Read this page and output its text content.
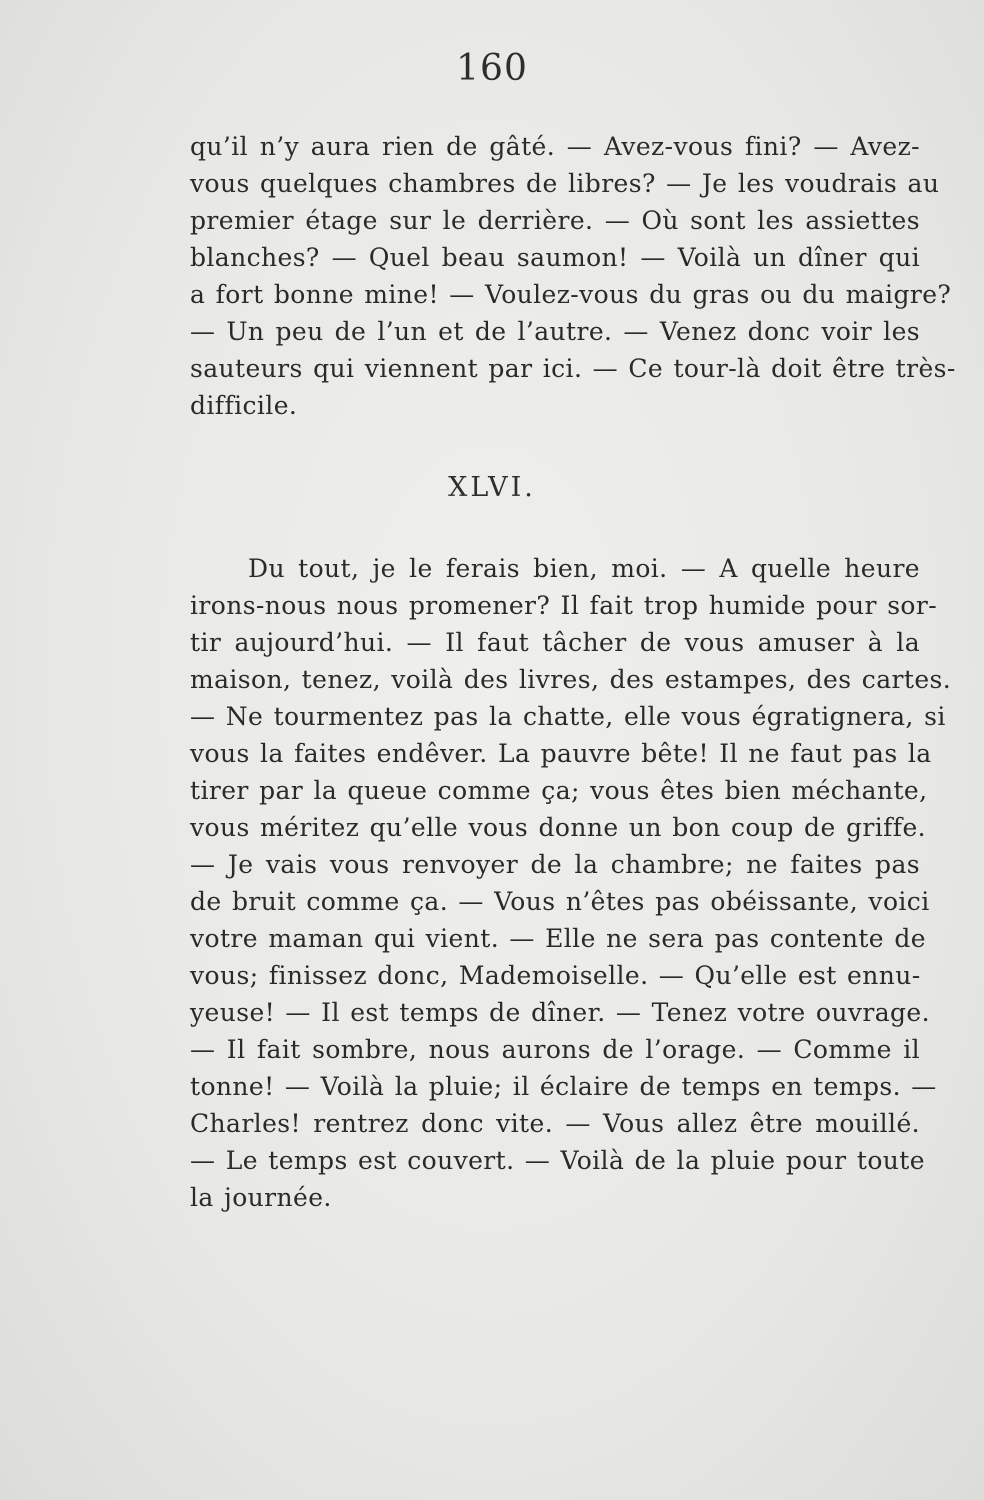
160
qu’il n’y aura rien de gâté. — Avez-vous fini? — Avez-
vous quelques chambres de libres? — Je les voudrais au
premier étage sur le derrière. — Où sont les assiettes
blanches? — Quel beau saumon! — Voilà un dîner qui
a fort bonne mine! — Voulez-vous du gras ou du maigre?
— Un peu de l’un et de l’autre. — Venez donc voir les
sauteurs qui viennent par ici. — Ce tour-là doit être très-
difficile.
XLVI.
Du tout, je le ferais bien, moi. — A quelle heure
irons-nous nous promener? Il fait trop humide pour sor-
tir aujourd’hui. — Il faut tâcher de vous amuser à la
maison, tenez, voilà des livres, des estampes, des cartes.
— Ne tourmentez pas la chatte, elle vous égratignera, si
vous la faites endêver. La pauvre bête! Il ne faut pas la
tirer par la queue comme ça; vous êtes bien méchante,
vous méritez qu’elle vous donne un bon coup de griffe.
— Je vais vous renvoyer de la chambre; ne faites pas
de bruit comme ça. — Vous n’êtes pas obéissante, voici
votre maman qui vient. — Elle ne sera pas contente de
vous; finissez donc, Mademoiselle. — Qu’elle est ennu-
yeuse! — Il est temps de dîner. — Tenez votre ouvrage.
— Il fait sombre, nous aurons de l’orage. — Comme il
tonne! — Voilà la pluie; il éclaire de temps en temps. —
Charles! rentrez donc vite. — Vous allez être mouillé.
— Le temps est couvert. — Voilà de la pluie pour toute
la journée.
